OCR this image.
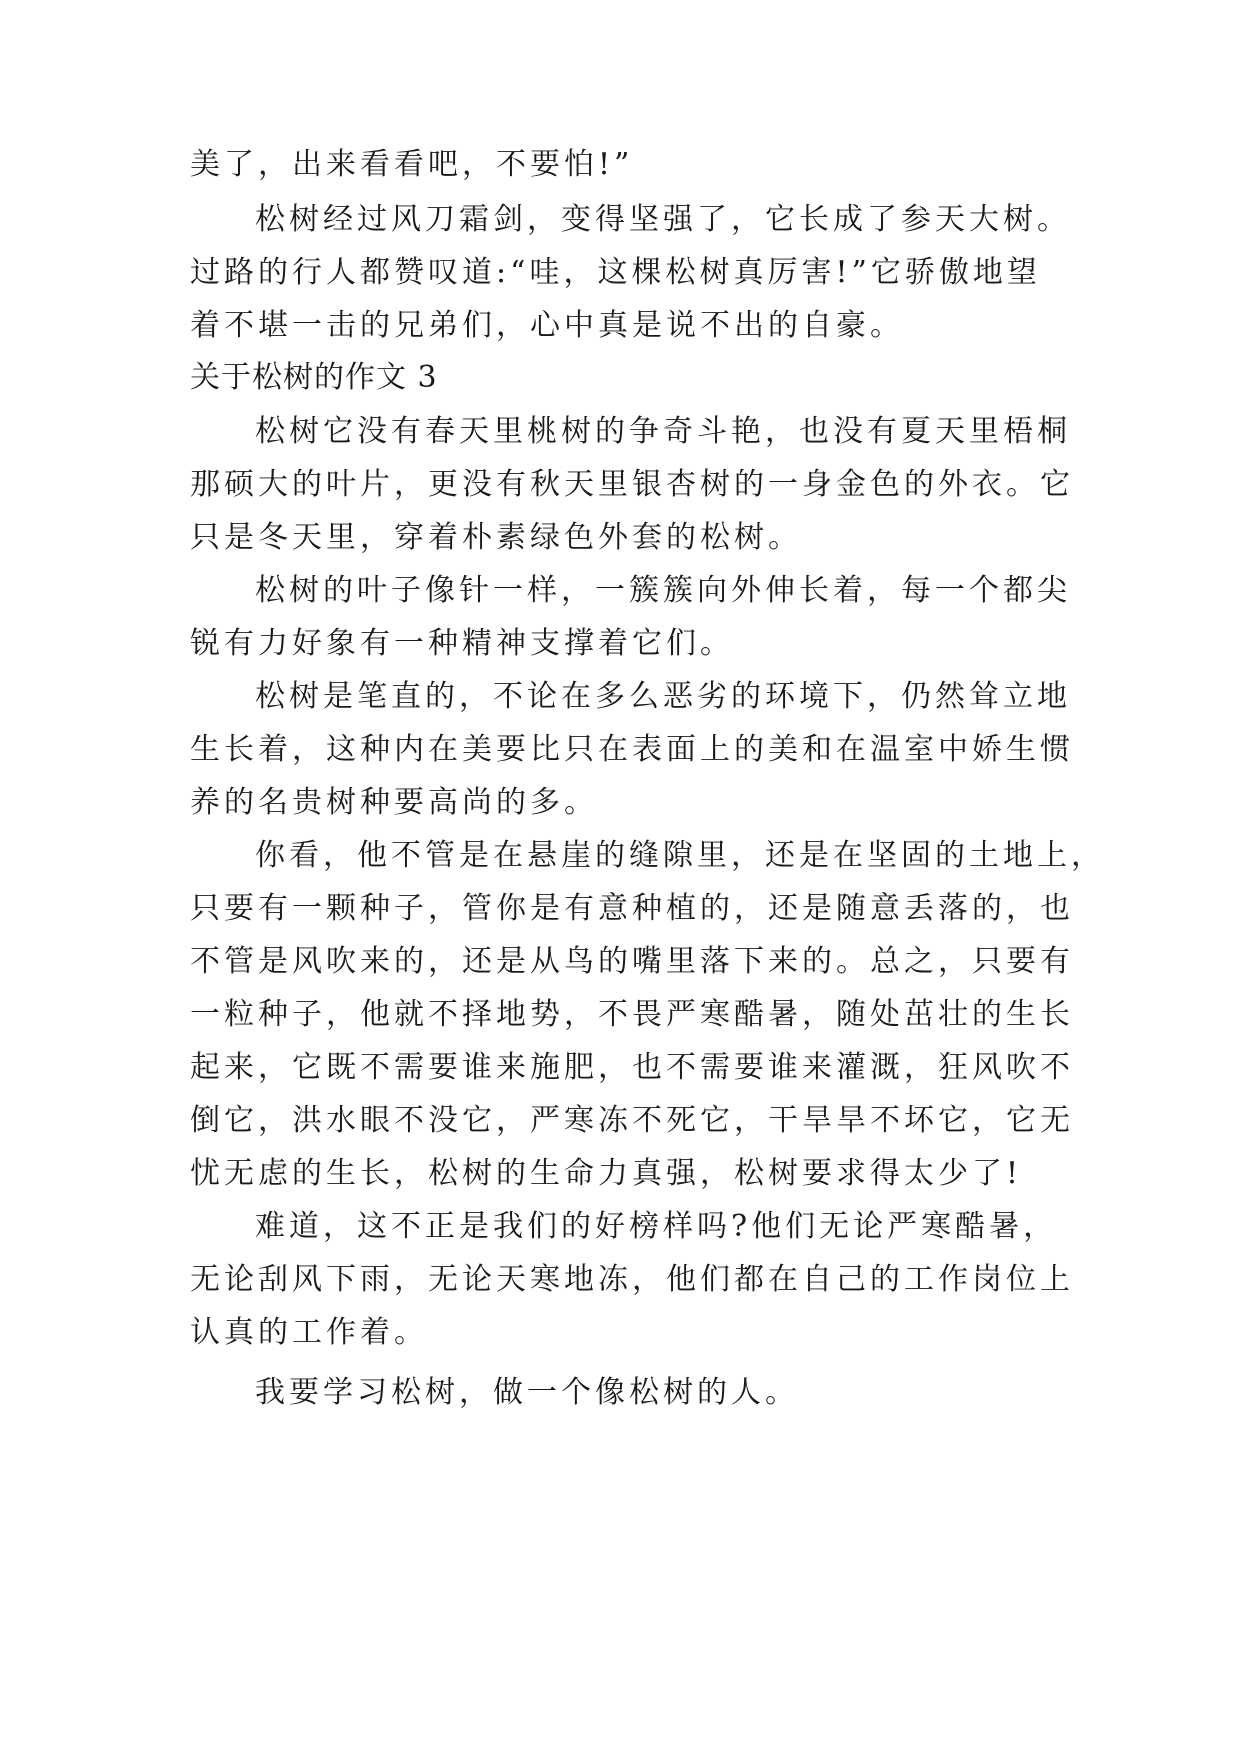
美了，出来看看吧，不要怕!”
松树经过风刀霜剑，变得坚强了，它长成了参天大树。
过路的行人都赞叹道:“哇，这棵松树真厉害!”它骄傲地望
着不堪一击的兄弟们，心中真是说不出的自豪。
关于松树的作文 3
松树它没有春天里桃树的争奇斗艳，也没有夏天里梧桐
那硕大的叶片，更没有秋天里银杏树的一身金色的外衣。它
只是冬天里，穿着朴素绿色外套的松树。
松树的叶子像针一样，一簇簇向外伸长着，每一个都尖
锐有力好象有一种精神支撑着它们。
松树是笔直的，不论在多么恶劣的环境下，仍然耸立地
生长着，这种内在美要比只在表面上的美和在温室中娇生惯
养的名贵树种要高尚的多。
你看，他不管是在悬崖的缝隙里，还是在坚固的土地上，
只要有一颗种子，管你是有意种植的，还是随意丢落的，也
不管是风吹来的，还是从鸟的嘴里落下来的。总之，只要有
一粒种子，他就不择地势，不畏严寒酷暑，随处茁壮的生长
起来，它既不需要谁来施肥，也不需要谁来灌溉，狂风吹不
倒它，洪水眼不没它，严寒冻不死它，干旱旱不坏它，它无
忧无虑的生长，松树的生命力真强，松树要求得太少了!
难道，这不正是我们的好榜样吗?他们无论严寒酷暑，
无论刮风下雨，无论天寒地冻，他们都在自己的工作岗位上
认真的工作着。
我要学习松树，做一个像松树的人。
